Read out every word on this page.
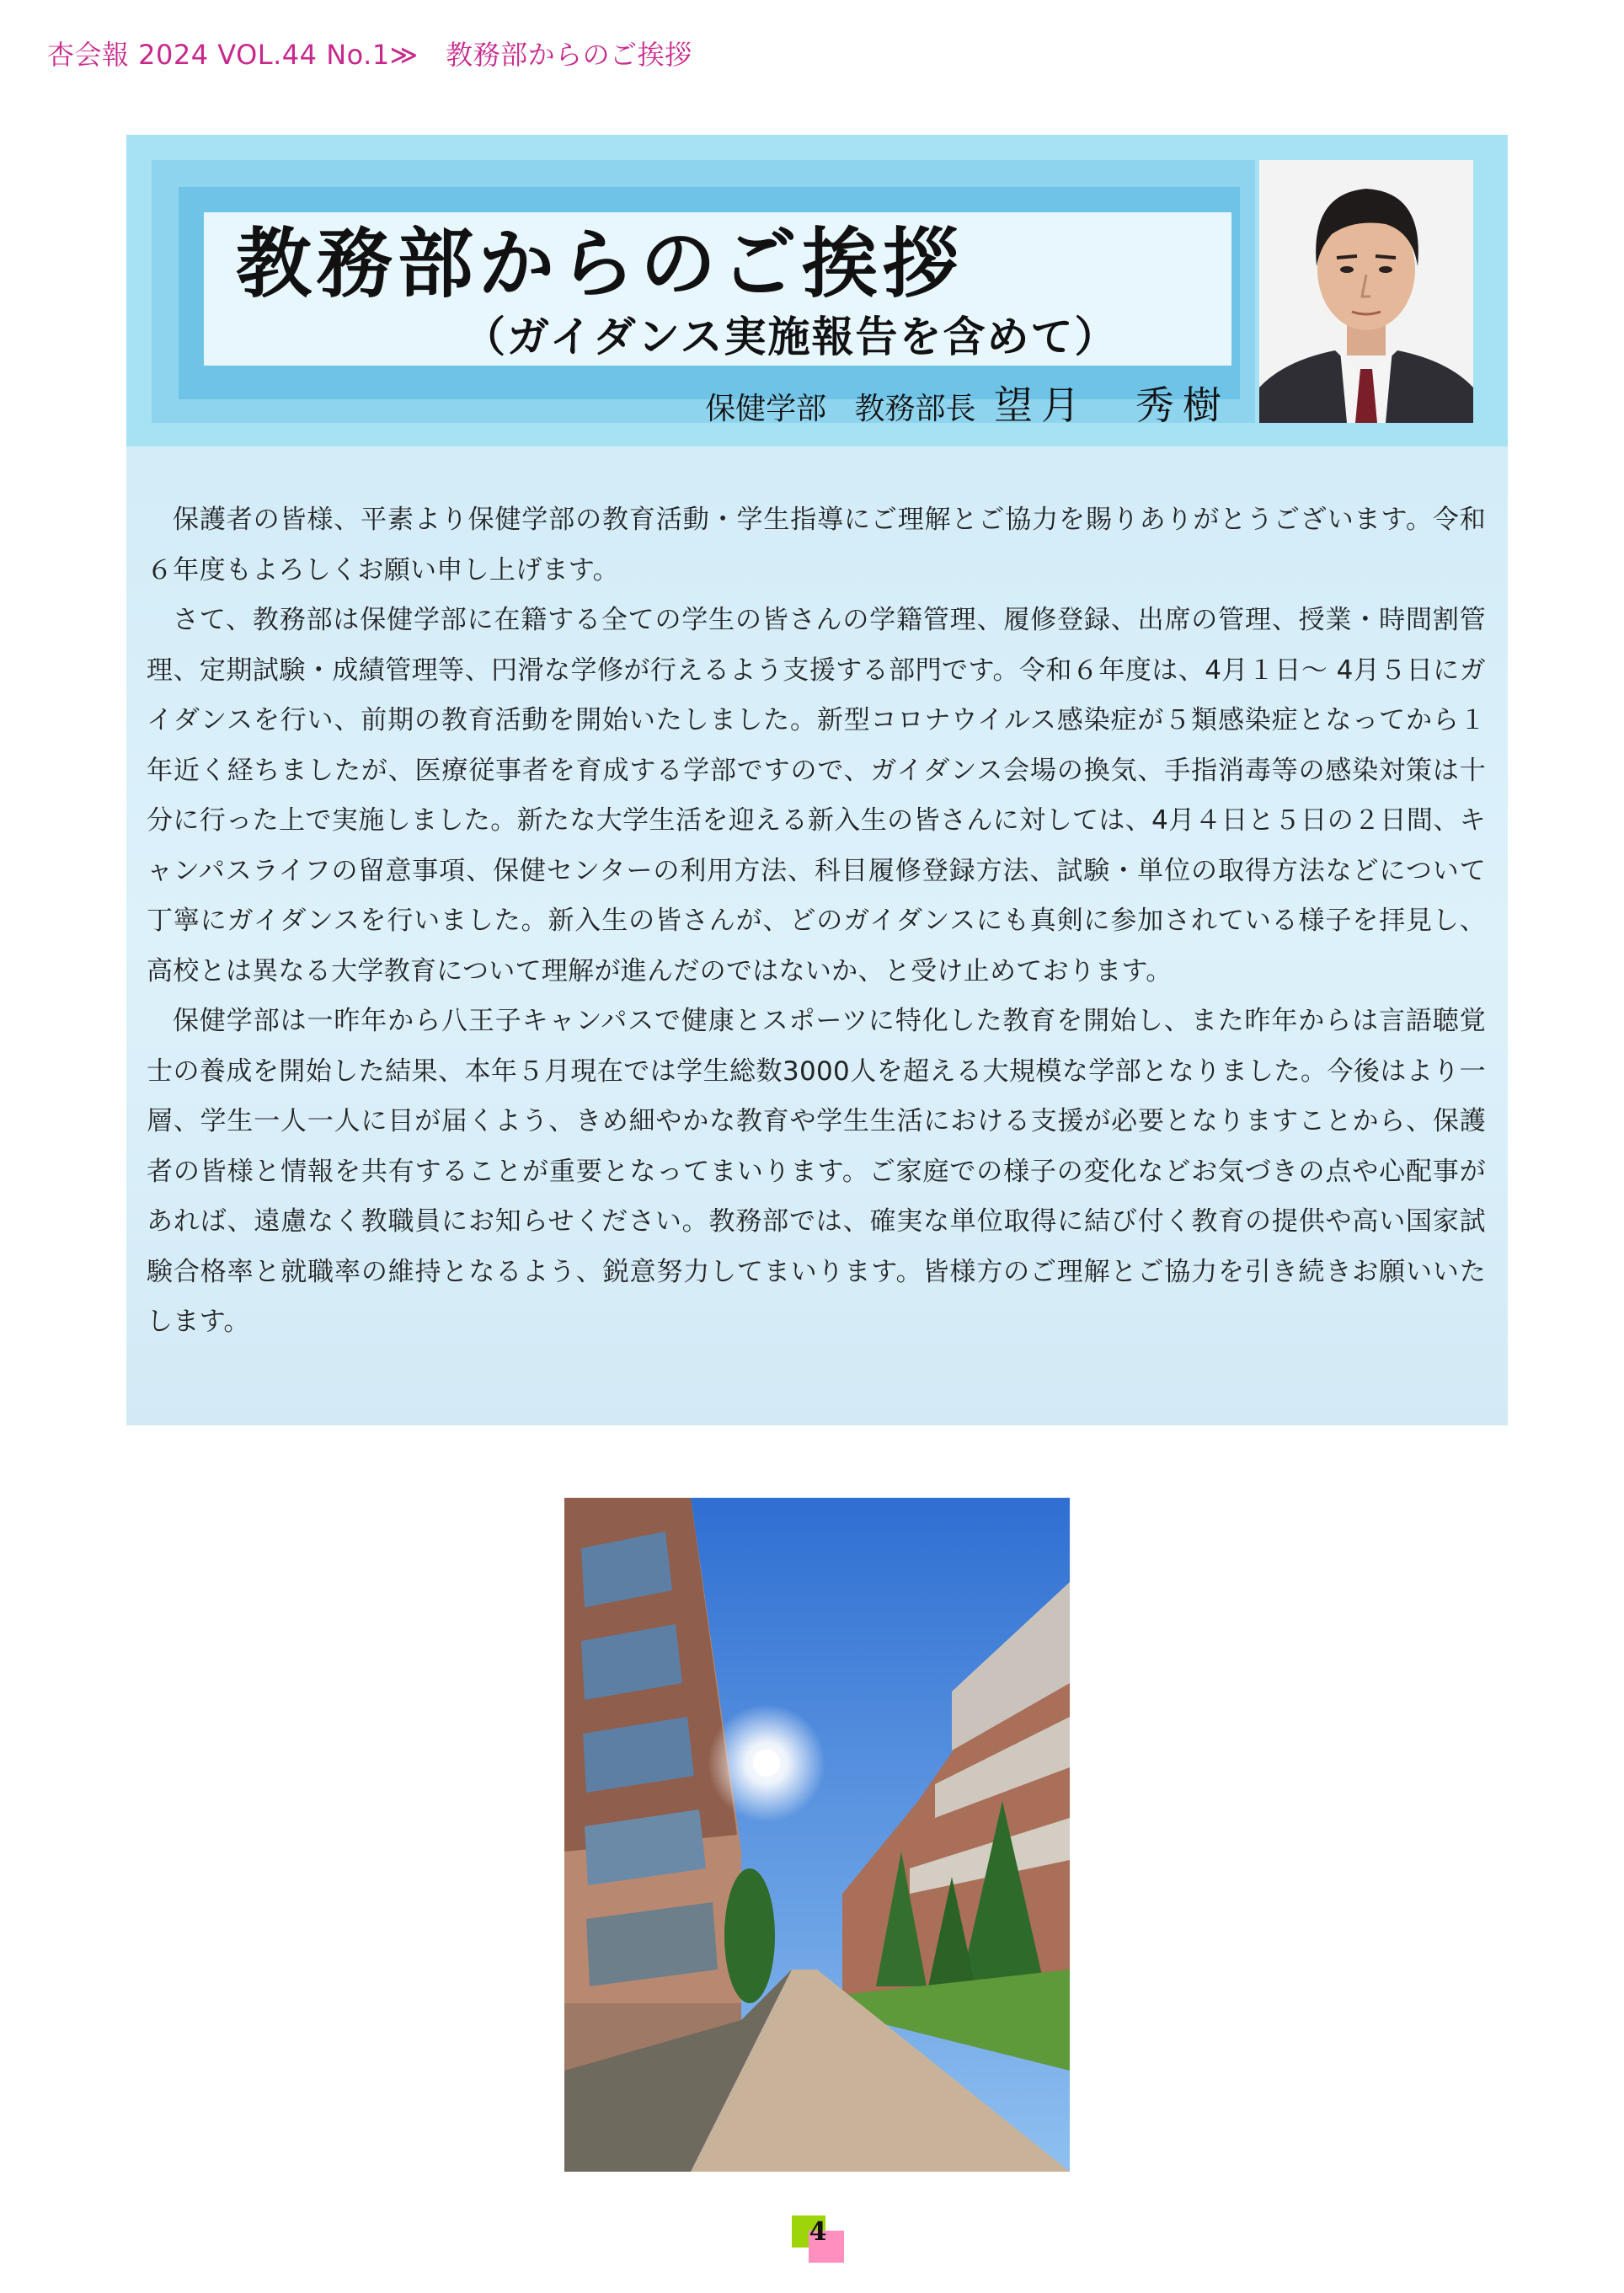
杏会報 2024 VOL.44 No.1≫　教務部からのご挨拶
教務部からのご挨拶
（ガイダンス実施報告を含めて）
保健学部 教務部長 望月　秀樹

保護者の皆様、平素より保健学部の教育活動・学生指導にご理解とご協力を賜りありがとうございます。令和６年度もよろしくお願い申し上げます。

さて、教務部は保健学部に在籍する全ての学生の皆さんの学籍管理、履修登録、出席の管理、授業・時間割管理、定期試験・成績管理等、円滑な学修が行えるよう支援する部門です。令和６年度は、4月１日〜 4月５日にガイダンスを行い、前期の教育活動を開始いたしました。新型コロナウイルス感染症が５類感染症となってから１年近く経ちましたが、医療従事者を育成する学部ですので、ガイダンス会場の換気、手指消毒等の感染対策は十分に行った上で実施しました。新たな大学生活を迎える新入生の皆さんに対しては、4月４日と５日の２日間、キャンパスライフの留意事項、保健センターの利用方法、科目履修登録方法、試験・単位の取得方法などについて丁寧にガイダンスを行いました。新入生の皆さんが、どのガイダンスにも真剣に参加されている様子を拝見し、高校とは異なる大学教育について理解が進んだのではないか、と受け止めております。

保健学部は一昨年から八王子キャンパスで健康とスポーツに特化した教育を開始し、また昨年からは言語聴覚士の養成を開始した結果、本年５月現在では学生総数3000人を超える大規模な学部となりました。今後はより一層、学生一人一人に目が届くよう、きめ細やかな教育や学生生活における支援が必要となりますことから、保護者の皆様と情報を共有することが重要となってまいります。ご家庭での様子の変化などお気づきの点や心配事があれば、遠慮なく教職員にお知らせください。教務部では、確実な単位取得に結び付く教育の提供や高い国家試験合格率と就職率の維持となるよう、鋭意努力してまいります。皆様方のご理解とご協力を引き続きお願いいたします。

4
